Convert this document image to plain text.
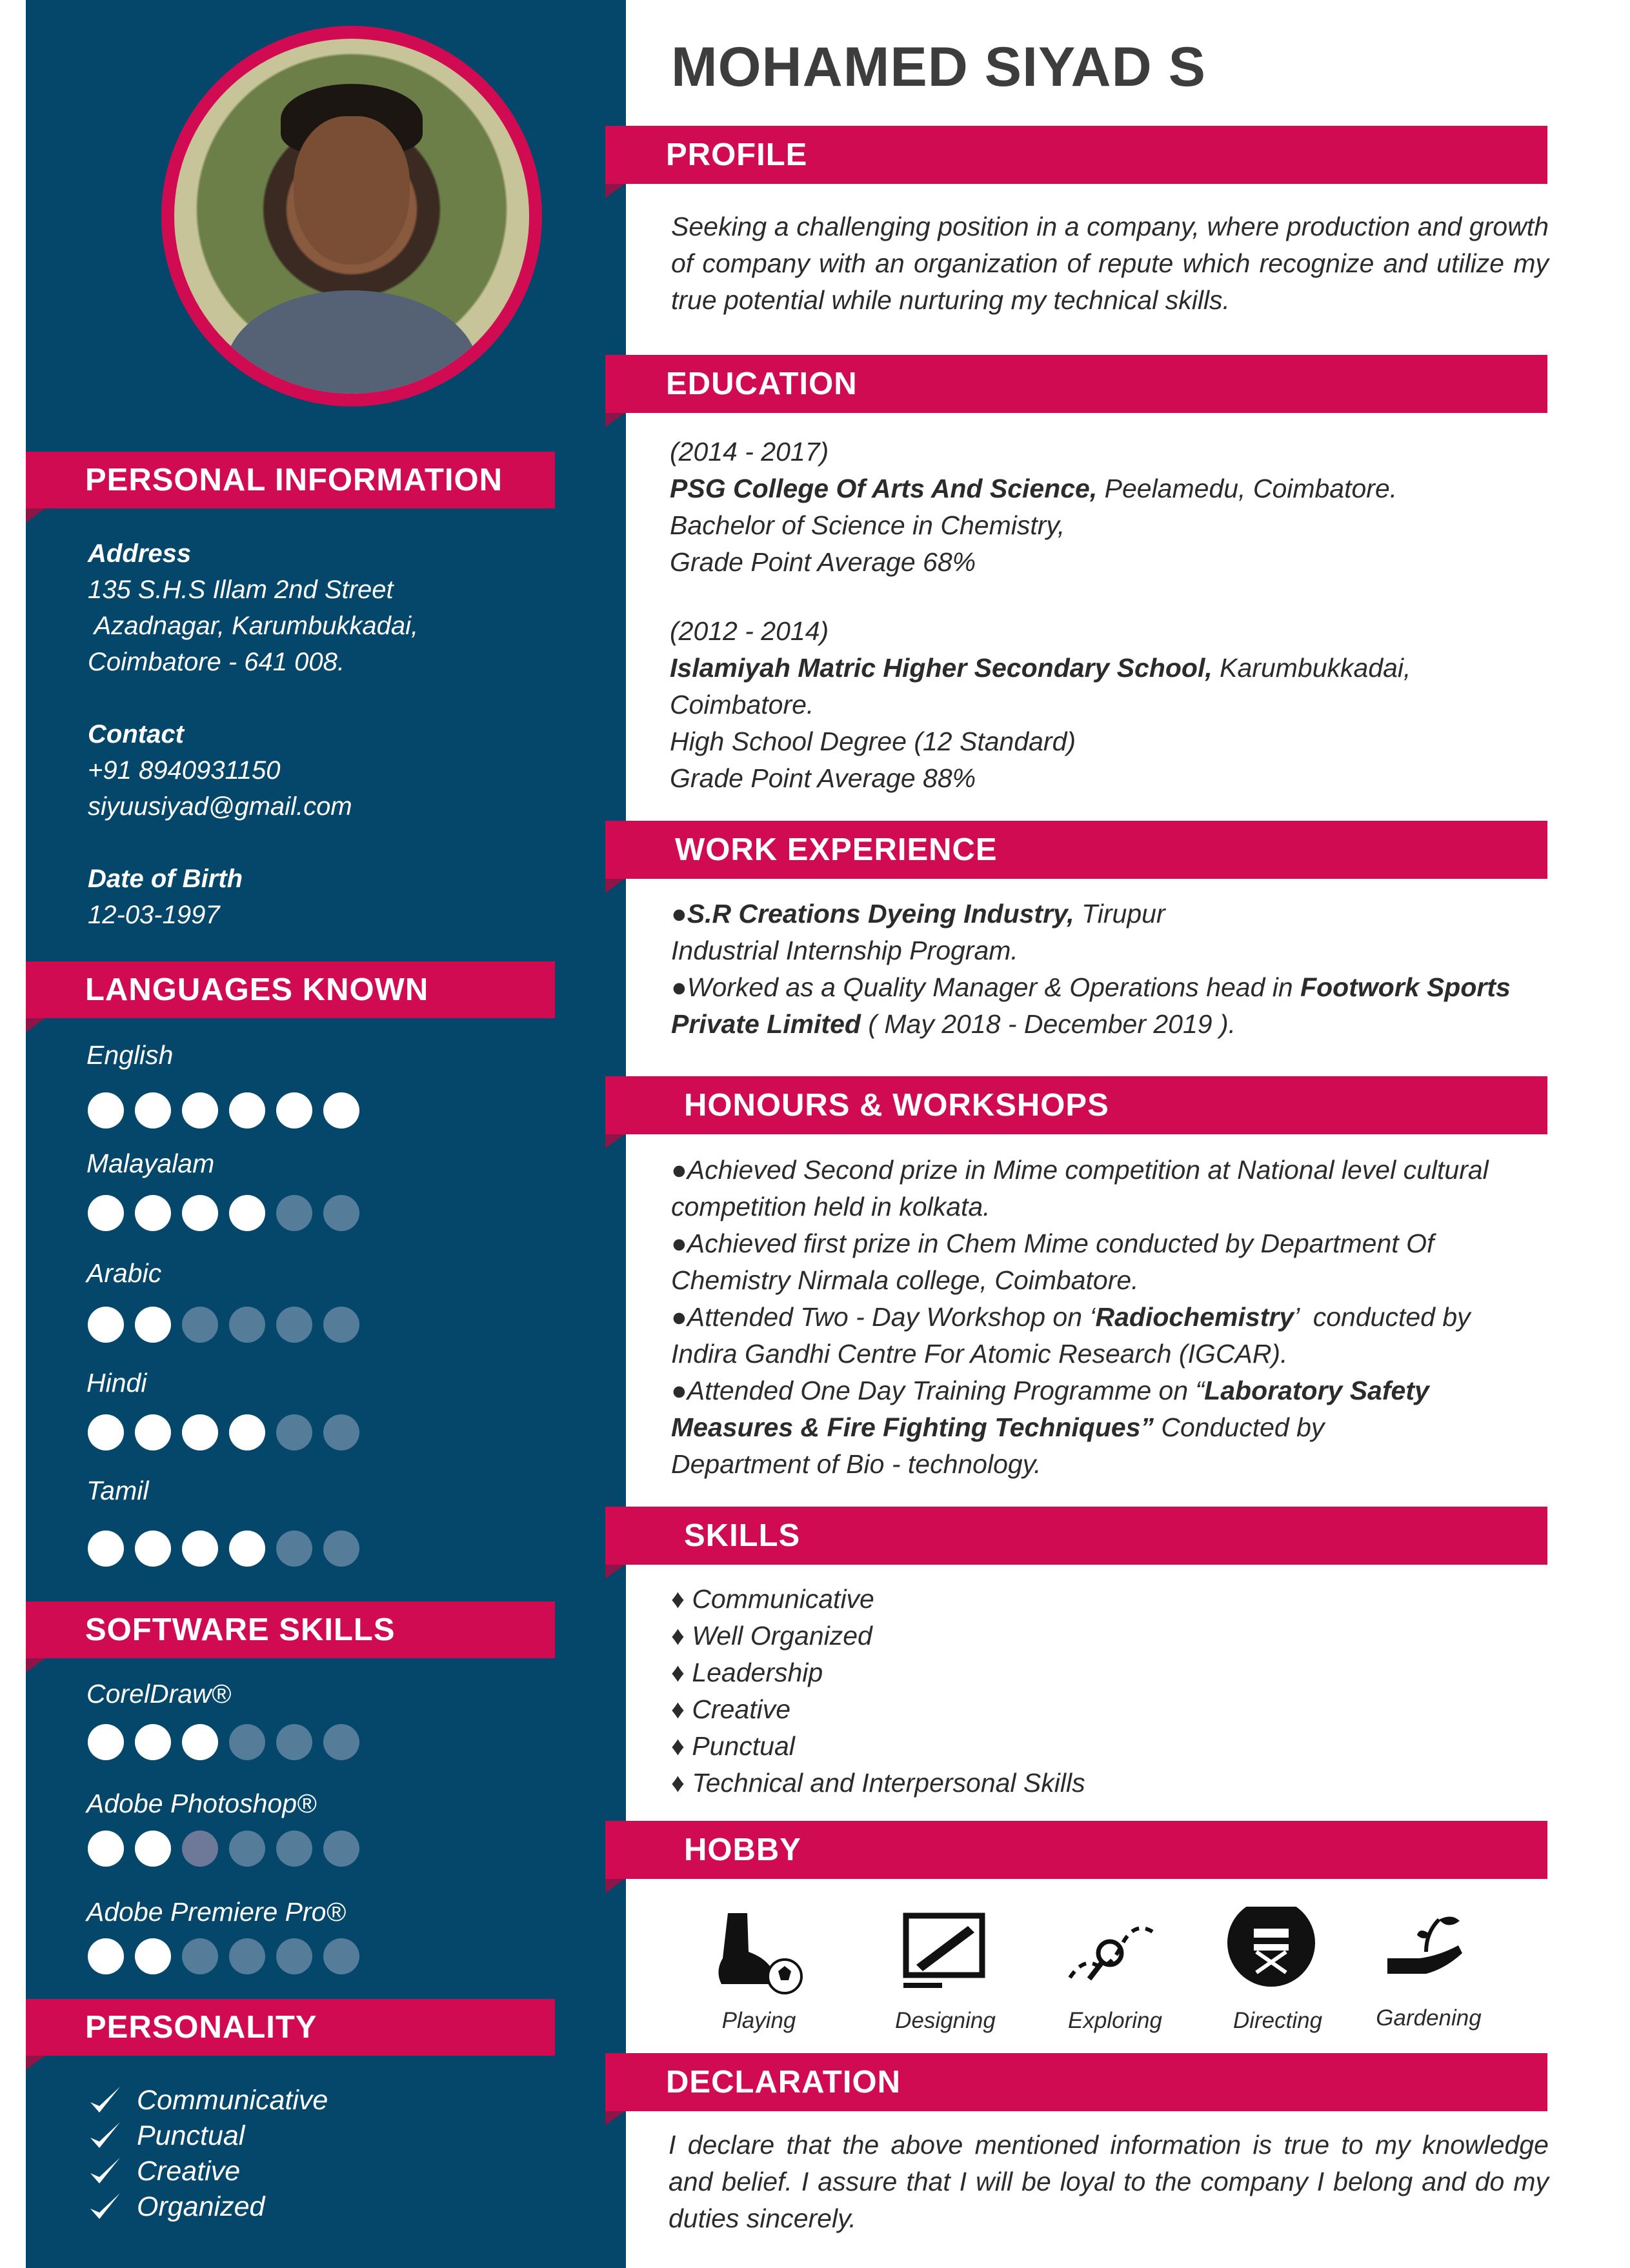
PERSONAL INFORMATION
Address
135 S.H.S Illam 2nd Street
Azadnagar, Karumbukkadai,
Coimbatore - 641 008.
Contact
+91 8940931150
siyuusiyad@gmail.com
Date of Birth
12-03-1997
LANGUAGES KNOWN
English
Malayalam
Arabic
Hindi
Tamil
SOFTWARE SKILLS
CorelDraw®
Adobe Photoshop®
Adobe Premiere Pro®
PERSONALITY
Communicative
Punctual
Creative
Organized
MOHAMED SIYAD S
PROFILE
Seeking a challenging position in a company, where production and growth of company with an organization of repute which recognize and utilize my true potential while nurturing my technical skills.
EDUCATION
(2014 - 2017)
PSG College Of Arts And Science, Peelamedu, Coimbatore.
Bachelor of Science in Chemistry,
Grade Point Average 68%
(2012 - 2014)
Islamiyah Matric Higher Secondary School, Karumbukkadai,
Coimbatore.
High School Degree (12 Standard)
Grade Point Average 88%
WORK EXPERIENCE
●S.R Creations Dyeing Industry, Tirupur
Industrial Internship Program.
●Worked as a Quality Manager & Operations head in Footwork Sports
Private Limited ( May 2018 - December 2019 ).
HONOURS & WORKSHOPS
●Achieved Second prize in Mime competition at National level cultural
competition held in kolkata.
●Achieved first prize in Chem Mime conducted by Department Of
Chemistry Nirmala college, Coimbatore.
●Attended Two - Day Workshop on ‘Radiochemistry’  conducted by
Indira Gandhi Centre For Atomic Research (IGCAR).
●Attended One Day Training Programme on “Laboratory Safety
Measures & Fire Fighting Techniques” Conducted by
Department of Bio - technology.
SKILLS
♦ Communicative
♦ Well Organized
♦ Leadership
♦ Creative
♦ Punctual
♦ Technical and Interpersonal Skills
HOBBY
Playing	Designing	Exploring	Directing	Gardening
DECLARATION
I declare that the above mentioned information is true to my knowledge and belief. I assure that I will be loyal to the company I belong and do my duties sincerely.
